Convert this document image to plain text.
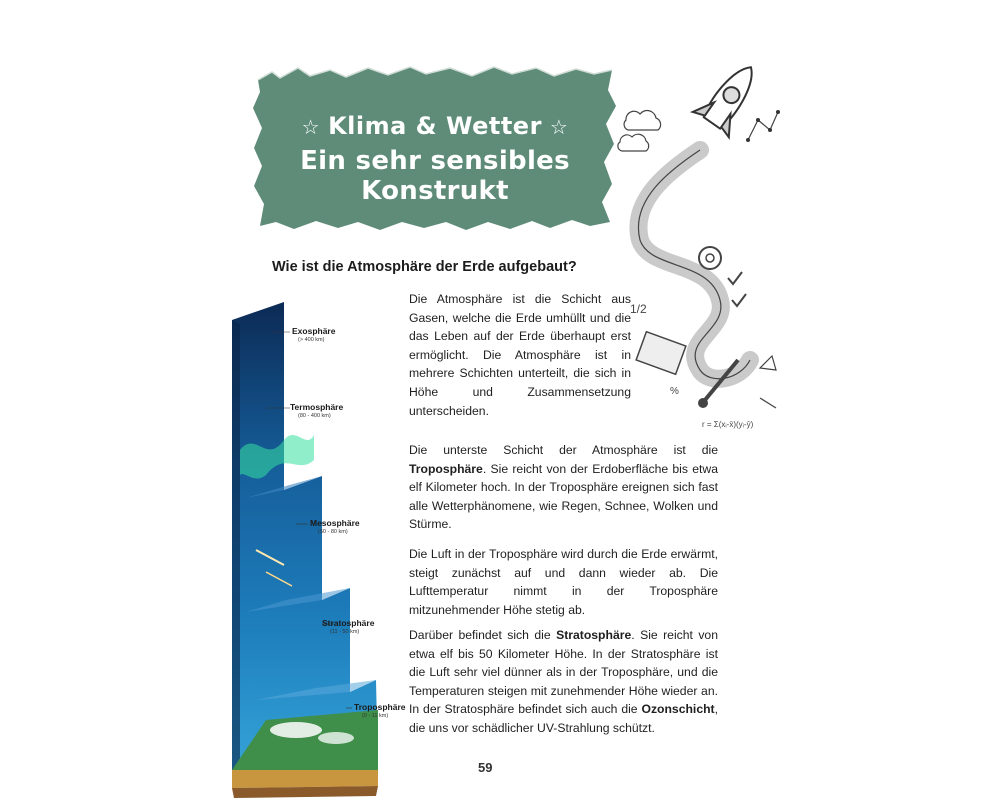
☆ Klima & Wetter ☆
Ein sehr sensibles Konstrukt
Wie ist die Atmosphäre der Erde aufgebaut?

Die Atmosphäre ist die Schicht aus Gasen, welche die Erde umhüllt und die das Leben auf der Erde überhaupt erst ermöglicht. Die Atmosphäre ist in mehrere Schichten unterteilt, die sich in Höhe und Zusammensetzung unterscheiden.

Die unterste Schicht der Atmosphäre ist die Troposphäre. Sie reicht von der Erdoberfläche bis etwa elf Kilometer hoch. In der Troposphäre ereignen sich fast alle Wetterphänomene, wie Regen, Schnee, Wolken und Stürme.

Die Luft in der Troposphäre wird durch die Erde erwärmt, steigt zunächst auf und dann wieder ab. Die Lufttemperatur nimmt in der Troposphäre mitzunehmender Höhe stetig ab.

Darüber befindet sich die Stratosphäre. Sie reicht von etwa elf bis 50 Kilometer Höhe. In der Stratosphäre ist die Luft sehr viel dünner als in der Troposphäre, und die Temperaturen steigen mit zunehmender Höhe wieder an. In der Stratosphäre befindet sich auch die Ozonschicht, die uns vor schädlicher UV-Strahlung schützt.

Exosphäre
(> 400 km)
Termosphäre
(80 - 400 km)
Mesosphäre
(50 - 80 km)
Stratosphäre
(11 - 50 km)
Troposphäre
(0 - 11 km)
1/2
%
r = Σ(xᵢ-x̄)(yᵢ-ȳ)
59
